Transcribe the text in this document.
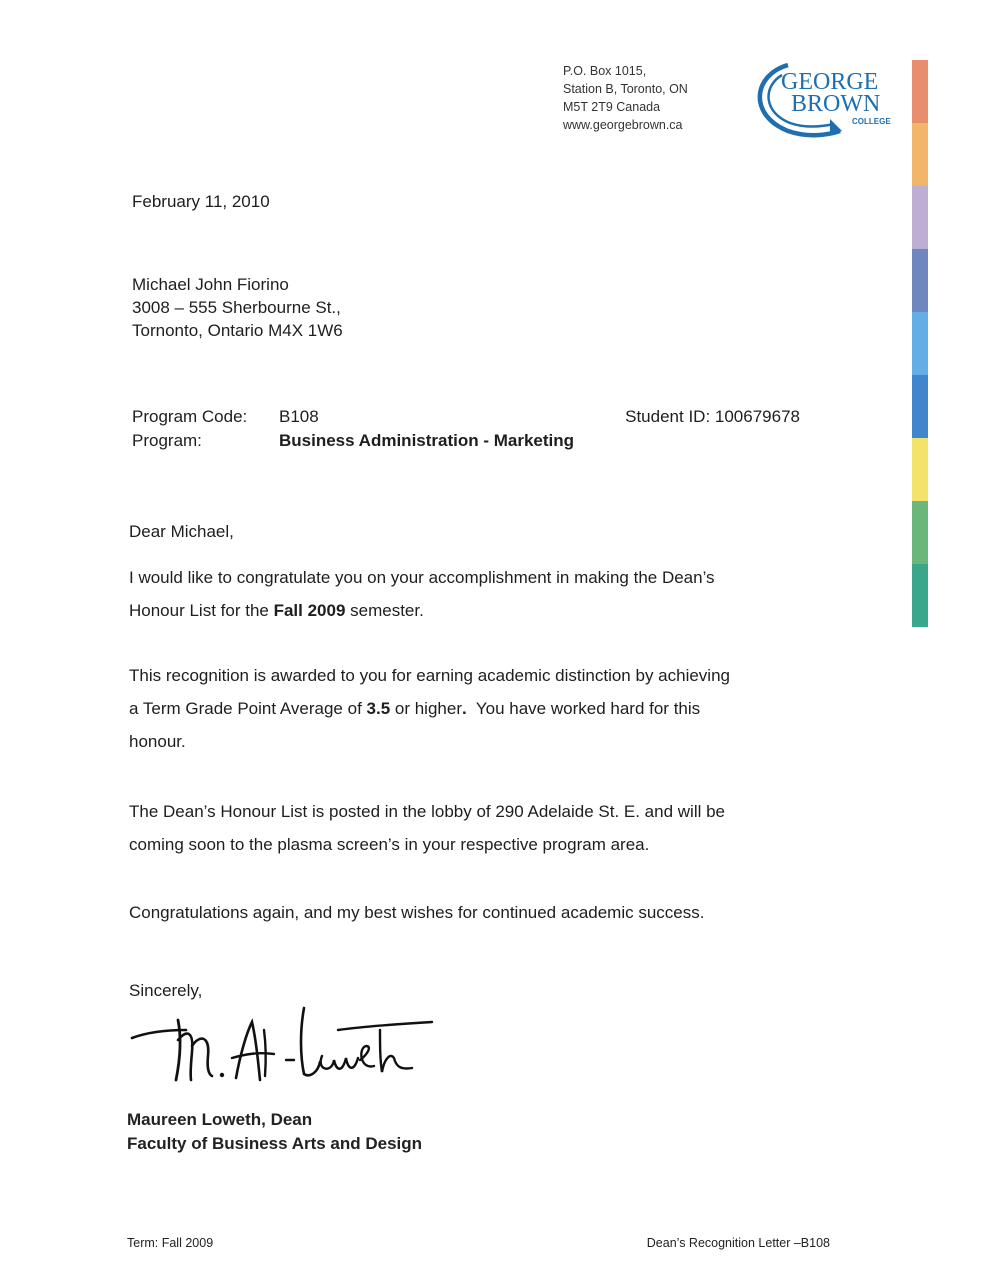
P.O. Box 1015,
Station B, Toronto, ON
M5T 2T9 Canada
www.georgebrown.ca
GEORGE
BROWN
COLLEGE
February 11, 2010
Michael John Fiorino
3008 – 555 Sherbourne St.,
Tornonto, Ontario M4X 1W6
Program Code: B108	Student ID: 100679678
Program:	Business Administration - Marketing
Dear Michael,
I would like to congratulate you on your accomplishment in making the Dean’s
Honour List for the Fall 2009 semester.
This recognition is awarded to you for earning academic distinction by achieving
a Term Grade Point Average of 3.5 or higher.  You have worked hard for this
honour.
The Dean’s Honour List is posted in the lobby of 290 Adelaide St. E. and will be
coming soon to the plasma screen’s in your respective program area.
Congratulations again, and my best wishes for continued academic success.
Sincerely,
Maureen Loweth, Dean
Faculty of Business Arts and Design
Term: Fall 2009	Dean’s Recognition Letter –B108
